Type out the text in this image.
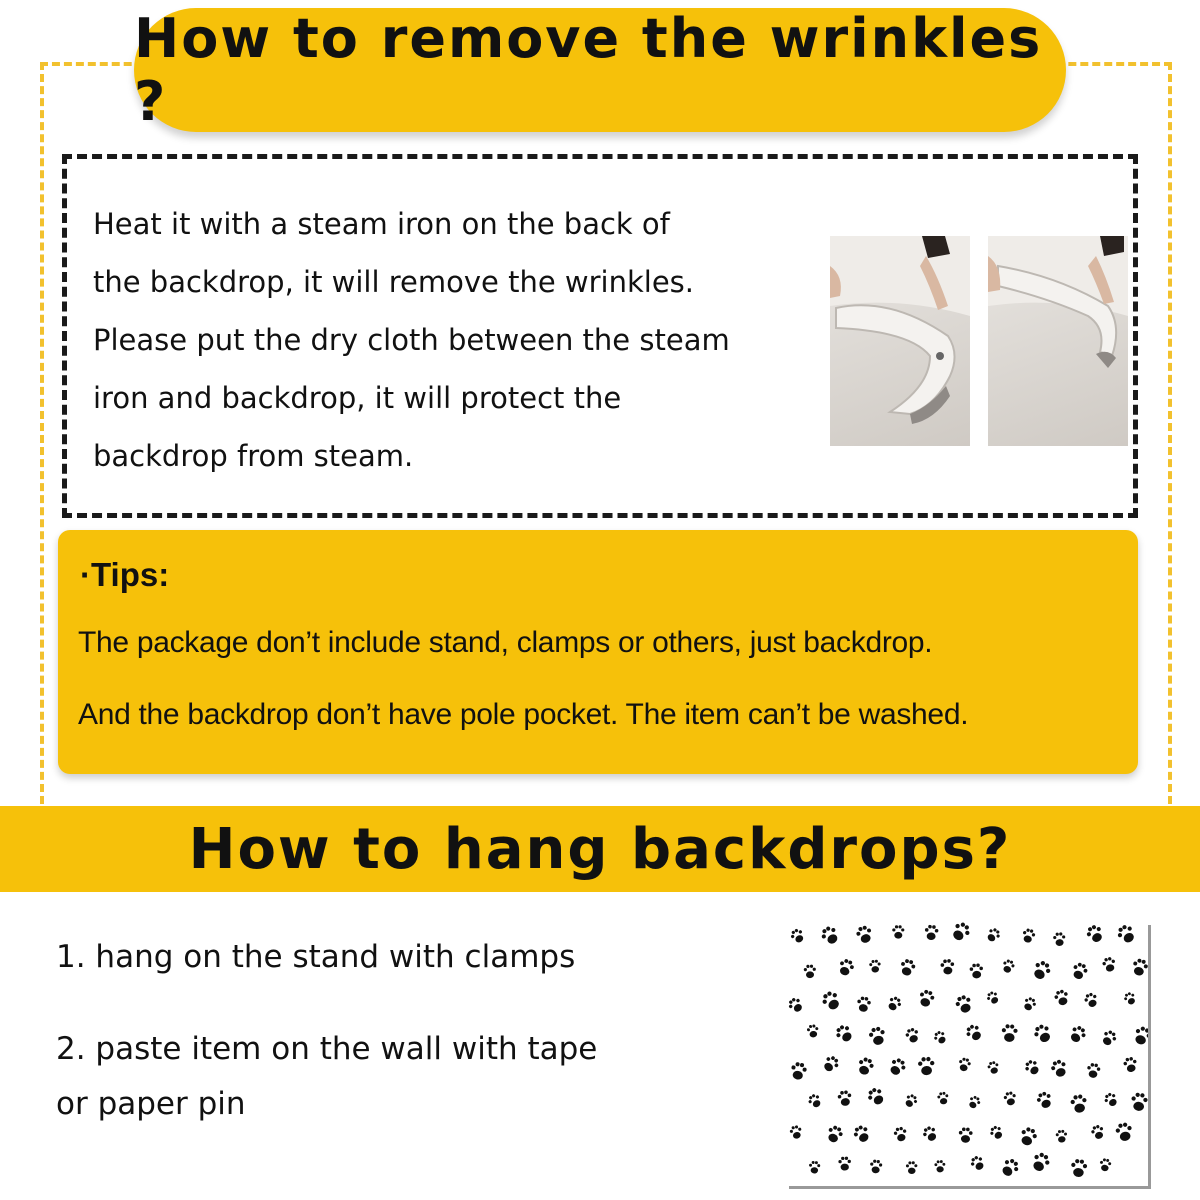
How to remove the wrinkles ?

Heat it with a steam iron on the back of
the backdrop, it will remove the wrinkles.
Please put the dry cloth between the steam
iron and backdrop, it will protect the
backdrop from steam.

·Tips:

The package don’t include stand, clamps or others, just backdrop.

And the backdrop don’t have pole pocket. The item can’t be washed.

How to hang backdrops?

1. hang on the stand with clamps

2. paste item on the wall with tape
or paper pin
